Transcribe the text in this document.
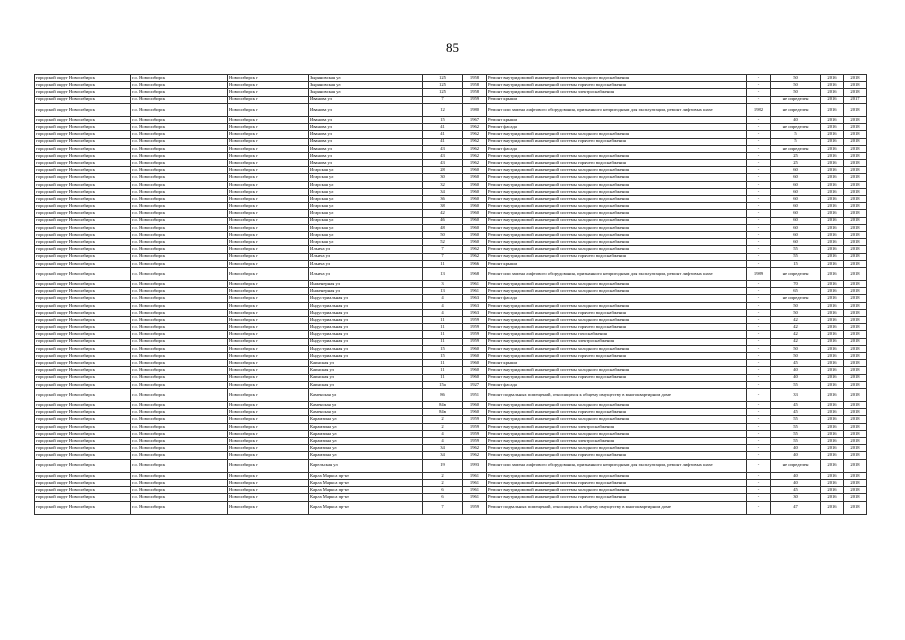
85
городской округ Новосибирск	г.о. Новосибирск	Новосибирск г	Зыряновская ул	125	1958	Ремонт внутридомовой инженерной системы холодного водоснабжения	-	50	2016	2018
городской округ Новосибирск	г.о. Новосибирск	Новосибирск г	Зыряновская ул	125	1958	Ремонт внутридомовой инженерной системы горячего водоснабжения	-	50	2016	2018
городской округ Новосибирск	г.о. Новосибирск	Новосибирск г	Зыряновская ул	125	1958	Ремонт внутридомовой инженерной системы электроснабжения	-	50	2016	2018
городской округ Новосибирск	г.о. Новосибирск	Новосибирск г	Иванова ул	7	1959	Ремонт крыши	-	не определен	2016	2017
городской округ Новосибирск	г.о. Новосибирск	Новосибирск г	Иванова ул	12	1980	Ремонт или замена лифтового оборудования, признанного непригодным для эксплуатации, ремонт лифтовых шахт	1982	не определен	2016	2018
городской округ Новосибирск	г.о. Новосибирск	Новосибирск г	Иванова ул	15	1967	Ремонт крыши	-	40	2016	2018
городской округ Новосибирск	г.о. Новосибирск	Новосибирск г	Иванова ул	41	1962	Ремонт фасада	-	не определен	2016	2018
городской округ Новосибирск	г.о. Новосибирск	Новосибирск г	Иванова ул	41	1962	Ремонт внутридомовой инженерной системы холодного водоснабжения	-	5	2016	2018
городской округ Новосибирск	г.о. Новосибирск	Новосибирск г	Иванова ул	41	1962	Ремонт внутридомовой инженерной системы горячего водоснабжения	-	5	2016	2018
городской округ Новосибирск	г.о. Новосибирск	Новосибирск г	Иванова ул	43	1962	Ремонт фасада	-	не определен	2016	2018
городской округ Новосибирск	г.о. Новосибирск	Новосибирск г	Иванова ул	43	1962	Ремонт внутридомовой инженерной системы холодного водоснабжения	-	25	2016	2018
городской округ Новосибирск	г.о. Новосибирск	Новосибирск г	Иванова ул	43	1962	Ремонт внутридомовой инженерной системы горячего водоснабжения	-	25	2016	2018
городской округ Новосибирск	г.о. Новосибирск	Новосибирск г	Игарская ул	28	1960	Ремонт внутридомовой инженерной системы холодного водоснабжения	-	60	2016	2018
городской округ Новосибирск	г.о. Новосибирск	Новосибирск г	Игарская ул	30	1960	Ремонт внутридомовой инженерной системы холодного водоснабжения	-	60	2016	2018
городской округ Новосибирск	г.о. Новосибирск	Новосибирск г	Игарская ул	32	1960	Ремонт внутридомовой инженерной системы холодного водоснабжения	-	60	2016	2018
городской округ Новосибирск	г.о. Новосибирск	Новосибирск г	Игарская ул	34	1960	Ремонт внутридомовой инженерной системы холодного водоснабжения	-	60	2016	2018
городской округ Новосибирск	г.о. Новосибирск	Новосибирск г	Игарская ул	36	1960	Ремонт внутридомовой инженерной системы холодного водоснабжения	-	60	2016	2018
городской округ Новосибирск	г.о. Новосибирск	Новосибирск г	Игарская ул	38	1960	Ремонт внутридомовой инженерной системы холодного водоснабжения	-	60	2016	2018
городской округ Новосибирск	г.о. Новосибирск	Новосибирск г	Игарская ул	42	1960	Ремонт внутридомовой инженерной системы холодного водоснабжения	-	60	2016	2018
городской округ Новосибирск	г.о. Новосибирск	Новосибирск г	Игарская ул	46	1960	Ремонт внутридомовой инженерной системы холодного водоснабжения	-	60	2016	2018
городской округ Новосибирск	г.о. Новосибирск	Новосибирск г	Игарская ул	48	1960	Ремонт внутридомовой инженерной системы холодного водоснабжения	-	60	2016	2018
городской округ Новосибирск	г.о. Новосибирск	Новосибирск г	Игарская ул	50	1960	Ремонт внутридомовой инженерной системы холодного водоснабжения	-	60	2016	2018
городской округ Новосибирск	г.о. Новосибирск	Новосибирск г	Игарская ул	52	1960	Ремонт внутридомовой инженерной системы холодного водоснабжения	-	60	2016	2018
городской округ Новосибирск	г.о. Новосибирск	Новосибирск г	Ильича ул	7	1962	Ремонт внутридомовой инженерной системы холодного водоснабжения	-	55	2016	2018
городской округ Новосибирск	г.о. Новосибирск	Новосибирск г	Ильича ул	7	1962	Ремонт внутридомовой инженерной системы горячего водоснабжения	-	55	2016	2018
городской округ Новосибирск	г.о. Новосибирск	Новосибирск г	Ильича ул	11	1966	Ремонт крыши	-	15	2016	2018
городской округ Новосибирск	г.о. Новосибирск	Новосибирск г	Ильича ул	13	1968	Ремонт или замена лифтового оборудования, признанного непригодным для эксплуатации, ремонт лифтовых шахт	1989	не определен	2016	2018
городской округ Новосибирск	г.о. Новосибирск	Новосибирск г	Инженерная ул	3	1961	Ремонт внутридомовой инженерной системы холодного водоснабжения	-	70	2016	2018
городской округ Новосибирск	г.о. Новосибирск	Новосибирск г	Инженерная ул	13	1961	Ремонт внутридомовой инженерной системы холодного водоснабжения	-	65	2016	2018
городской округ Новосибирск	г.о. Новосибирск	Новосибирск г	Индустриальная ул	4	1963	Ремонт фасада	-	не определен	2016	2018
городской округ Новосибирск	г.о. Новосибирск	Новосибирск г	Индустриальная ул	4	1963	Ремонт внутридомовой инженерной системы холодного водоснабжения	-	50	2016	2018
городской округ Новосибирск	г.о. Новосибирск	Новосибирск г	Индустриальная ул	4	1963	Ремонт внутридомовой инженерной системы горячего водоснабжения	-	50	2016	2018
городской округ Новосибирск	г.о. Новосибирск	Новосибирск г	Индустриальная ул	11	1959	Ремонт внутридомовой инженерной системы холодного водоснабжения	-	42	2016	2018
городской округ Новосибирск	г.о. Новосибирск	Новосибирск г	Индустриальная ул	11	1959	Ремонт внутридомовой инженерной системы горячего водоснабжения	-	42	2016	2018
городской округ Новосибирск	г.о. Новосибирск	Новосибирск г	Индустриальная ул	11	1959	Ремонт внутридомовой инженерной системы газоснабжения	-	42	2016	2018
городской округ Новосибирск	г.о. Новосибирск	Новосибирск г	Индустриальная ул	11	1959	Ремонт внутридомовой инженерной системы электроснабжения	-	42	2016	2018
городской округ Новосибирск	г.о. Новосибирск	Новосибирск г	Индустриальная ул	15	1960	Ремонт внутридомовой инженерной системы холодного водоснабжения	-	50	2016	2018
городской округ Новосибирск	г.о. Новосибирск	Новосибирск г	Индустриальная ул	15	1960	Ремонт внутридомовой инженерной системы горячего водоснабжения	-	50	2016	2018
городской округ Новосибирск	г.о. Новосибирск	Новосибирск г	Каинская ул	11	1960	Ремонт крыши	-	45	2016	2018
городской округ Новосибирск	г.о. Новосибирск	Новосибирск г	Каинская ул	11	1960	Ремонт внутридомовой инженерной системы холодного водоснабжения	-	40	2016	2018
городской округ Новосибирск	г.о. Новосибирск	Новосибирск г	Каинская ул	11	1960	Ремонт внутридомовой инженерной системы горячего водоснабжения	-	40	2016	2018
городской округ Новосибирск	г.о. Новосибирск	Новосибирск г	Каинская ул	15а	1927	Ремонт фасада	-	55	2016	2018
городской округ Новосибирск	г.о. Новосибирск	Новосибирск г	Каменская ул	86	1951	Ремонт подвальных помещений, относящихся к общему имуществу в многоквартирном доме	-	33	2016	2018
городской округ Новосибирск	г.о. Новосибирск	Новосибирск г	Каменская ул	84в	1960	Ремонт внутридомовой инженерной системы холодного водоснабжения	-	45	2016	2018
городской округ Новосибирск	г.о. Новосибирск	Новосибирск г	Каменская ул	84в	1960	Ремонт внутридомовой инженерной системы горячего водоснабжения	-	45	2016	2018
городской округ Новосибирск	г.о. Новосибирск	Новосибирск г	Карамзина ул	2	1959	Ремонт внутридомовой инженерной системы холодного водоснабжения	-	55	2016	2018
городской округ Новосибирск	г.о. Новосибирск	Новосибирск г	Карамзина ул	2	1959	Ремонт внутридомовой инженерной системы электроснабжения	-	55	2016	2018
городской округ Новосибирск	г.о. Новосибирск	Новосибирск г	Карамзина ул	4	1959	Ремонт внутридомовой инженерной системы холодного водоснабжения	-	55	2016	2018
городской округ Новосибирск	г.о. Новосибирск	Новосибирск г	Карамзина ул	4	1959	Ремонт внутридомовой инженерной системы электроснабжения	-	55	2016	2018
городской округ Новосибирск	г.о. Новосибирск	Новосибирск г	Карамзина ул	34	1962	Ремонт внутридомовой инженерной системы холодного водоснабжения	-	40	2016	2018
городской округ Новосибирск	г.о. Новосибирск	Новосибирск г	Карамзина ул	34	1962	Ремонт внутридомовой инженерной системы горячего водоснабжения	-	40	2016	2018
городской округ Новосибирск	г.о. Новосибирск	Новосибирск г	Карельская ул	19	1993	Ремонт или замена лифтового оборудования, признанного непригодным для эксплуатации, ремонт лифтовых шахт	-	не определен	2016	2018
городской округ Новосибирск	г.о. Новосибирск	Новосибирск г	Карла Маркса пр-кт	2	1961	Ремонт внутридомовой инженерной системы холодного водоснабжения	-	40	2016	2018
городской округ Новосибирск	г.о. Новосибирск	Новосибирск г	Карла Маркса пр-кт	2	1961	Ремонт внутридомовой инженерной системы горячего водоснабжения	-	40	2016	2018
городской округ Новосибирск	г.о. Новосибирск	Новосибирск г	Карла Маркса пр-кт	6	1961	Ремонт внутридомовой инженерной системы холодного водоснабжения	-	45	2016	2018
городской округ Новосибирск	г.о. Новосибирск	Новосибирск г	Карла Маркса пр-кт	6	1961	Ремонт внутридомовой инженерной системы горячего водоснабжения	-	30	2016	2018
городской округ Новосибирск	г.о. Новосибирск	Новосибирск г	Карла Маркса пр-кт	7	1959	Ремонт подвальных помещений, относящихся к общему имуществу в многоквартирном доме	-	47	2016	2018
